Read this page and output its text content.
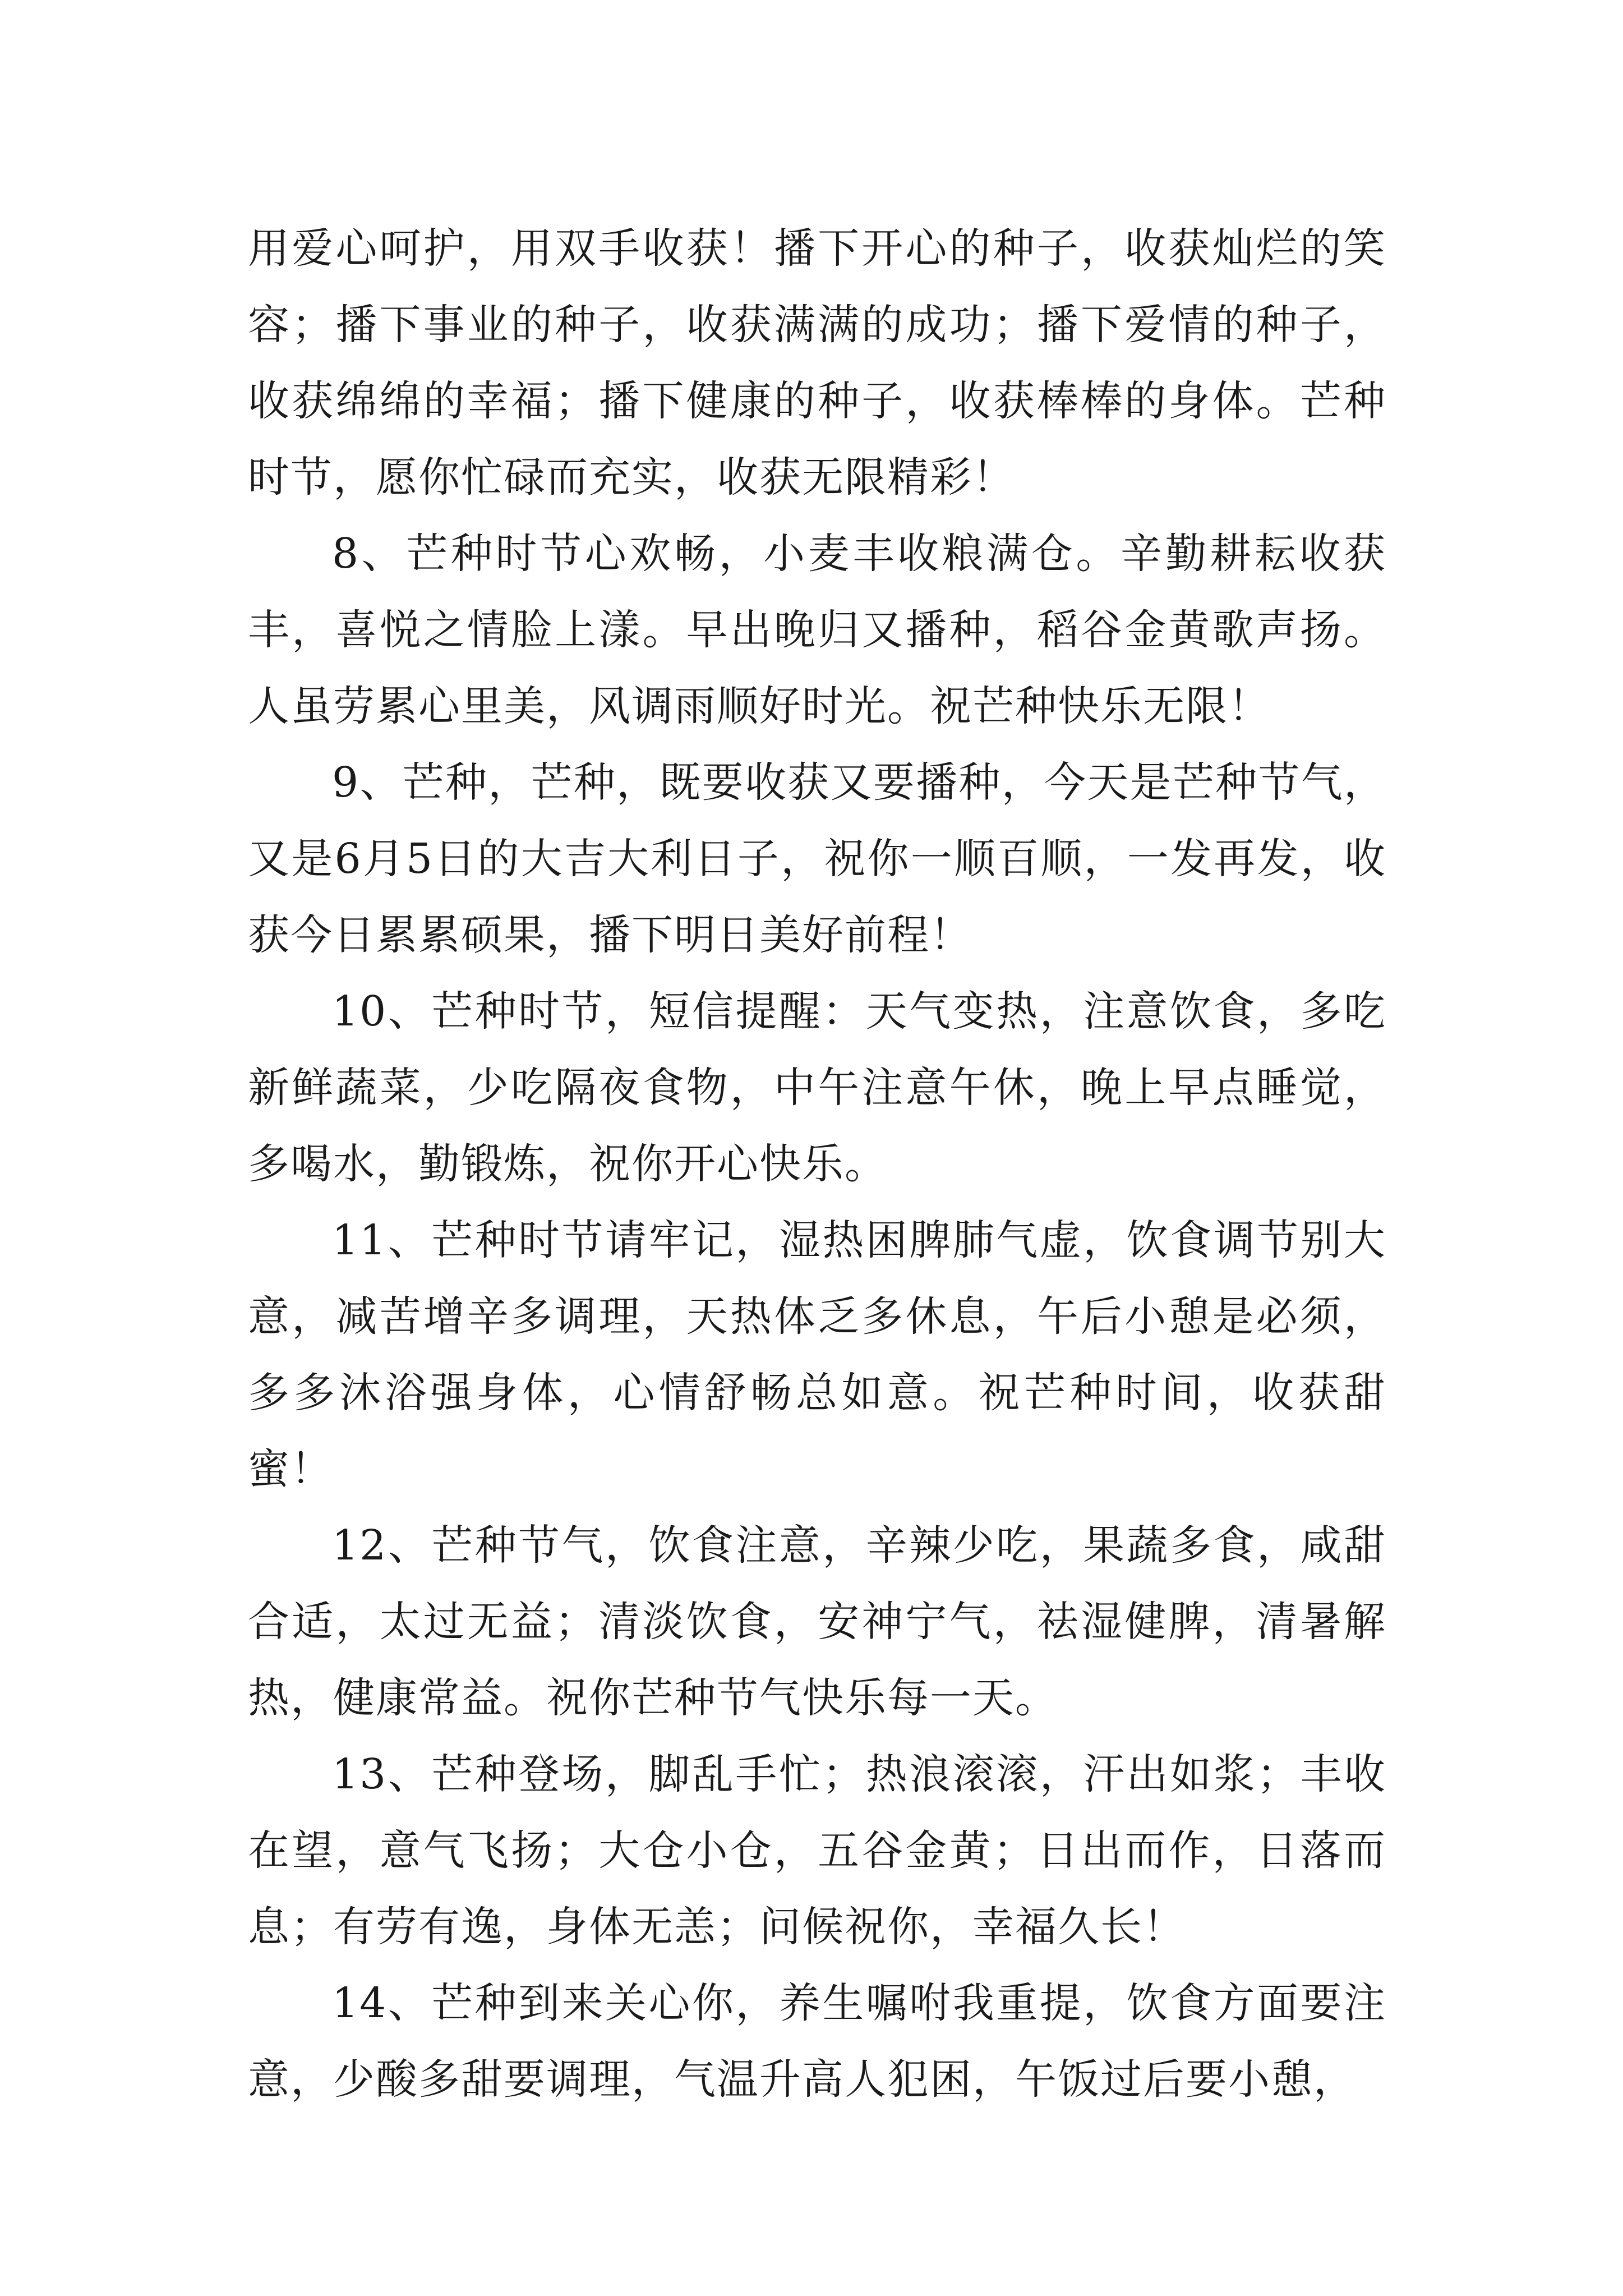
用爱心呵护，用双手收获！播下开心的种子，收获灿烂的笑容；播下事业的种子，收获满满的成功；播下爱情的种子，收获绵绵的幸福；播下健康的种子，收获棒棒的身体。芒种时节，愿你忙碌而充实，收获无限精彩！

8、芒种时节心欢畅，小麦丰收粮满仓。辛勤耕耘收获丰，喜悦之情脸上漾。早出晚归又播种，稻谷金黄歌声扬。人虽劳累心里美，风调雨顺好时光。祝芒种快乐无限！

9、芒种，芒种，既要收获又要播种，今天是芒种节气，又是6月5日的大吉大利日子，祝你一顺百顺，一发再发，收获今日累累硕果，播下明日美好前程！

10、芒种时节，短信提醒：天气变热，注意饮食，多吃新鲜蔬菜，少吃隔夜食物，中午注意午休，晚上早点睡觉，多喝水，勤锻炼，祝你开心快乐。

11、芒种时节请牢记，湿热困脾肺气虚，饮食调节别大意，减苦增辛多调理，天热体乏多休息，午后小憩是必须，多多沐浴强身体，心情舒畅总如意。祝芒种时间，收获甜蜜！

12、芒种节气，饮食注意，辛辣少吃，果蔬多食，咸甜合适，太过无益；清淡饮食，安神宁气，祛湿健脾，清暑解热，健康常益。祝你芒种节气快乐每一天。

13、芒种登场，脚乱手忙；热浪滚滚，汗出如浆；丰收在望，意气飞扬；大仓小仓，五谷金黄；日出而作，日落而息；有劳有逸，身体无恙；问候祝你，幸福久长！

14、芒种到来关心你，养生嘱咐我重提，饮食方面要注意，少酸多甜要调理，气温升高人犯困，午饭过后要小憩，
